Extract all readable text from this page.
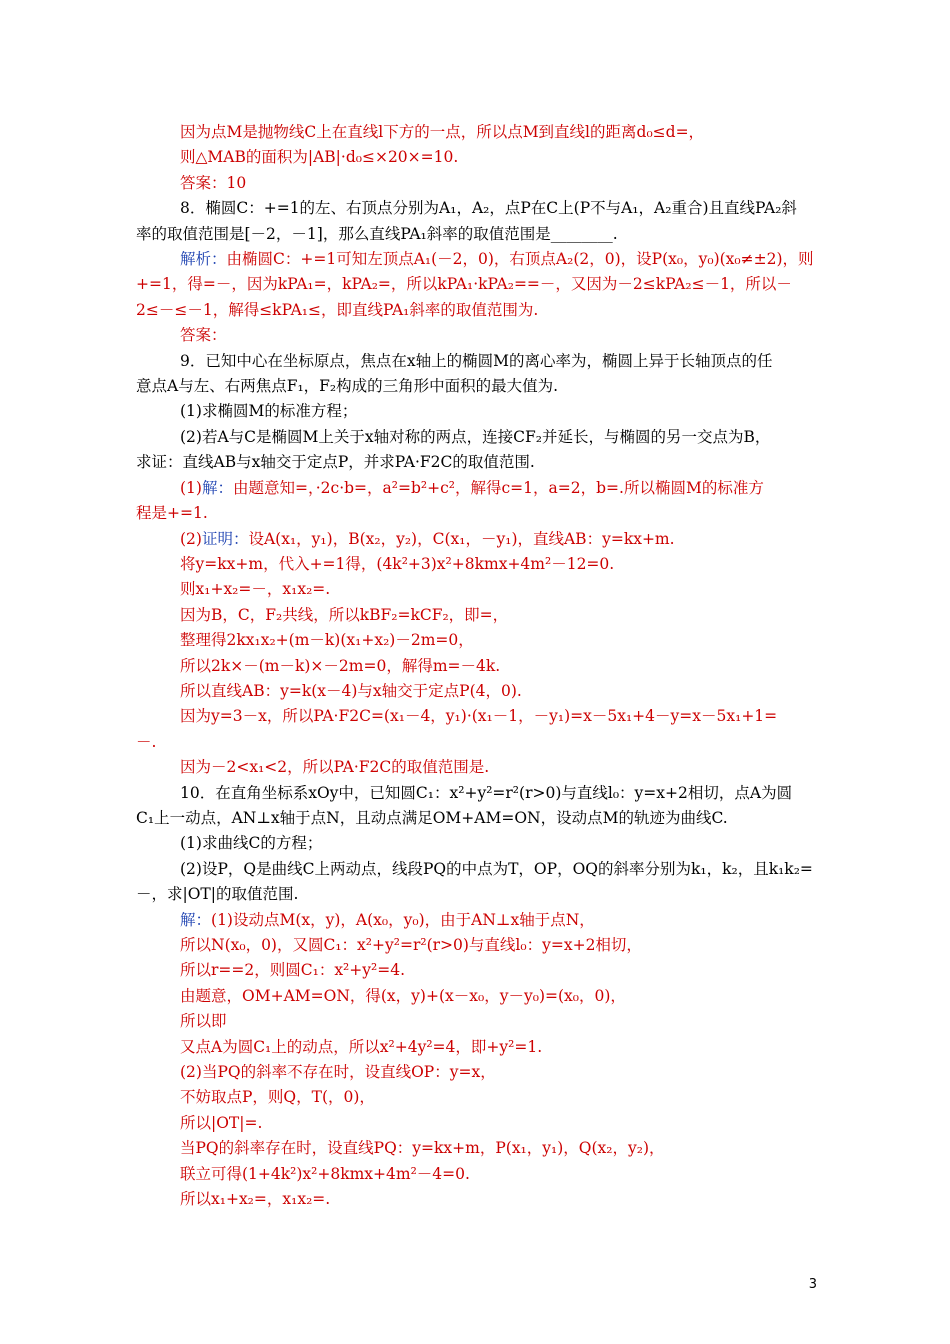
因为点M是抛物线C上在直线l下方的一点，所以点M到直线l的距离d₀≤d=，
则△MAB的面积为|AB|·d₀≤×20×=10.
答案：10
8．椭圆C：+=1的左、右顶点分别为A₁，A₂，点P在C上(P不与A₁，A₂重合)且直线PA₂斜
率的取值范围是[－2，－1]，那么直线PA₁斜率的取值范围是________.
解析：由椭圆C：+=1可知左顶点A₁(－2，0)，右顶点A₂(2，0)，设P(x₀，y₀)(x₀≠±2)，则
+=1，得=－，因为kPA₁=，kPA₂=，所以kPA₁·kPA₂==－，又因为－2≤kPA₂≤－1，所以－
2≤－≤－1，解得≤kPA₁≤，即直线PA₁斜率的取值范围为.
答案：
9．已知中心在坐标原点，焦点在x轴上的椭圆M的离心率为，椭圆上异于长轴顶点的任
意点A与左、右两焦点F₁，F₂构成的三角形中面积的最大值为.
(1)求椭圆M的标准方程；
(2)若A与C是椭圆M上关于x轴对称的两点，连接CF₂并延长，与椭圆的另一交点为B，
求证：直线AB与x轴交于定点P，并求PA·F2C的取值范围.
(1)解：由题意知=，·2c·b=，a²=b²+c²，解得c=1，a=2，b=.所以椭圆M的标准方
程是+=1.
(2)证明：设A(x₁，y₁)，B(x₂，y₂)，C(x₁，－y₁)，直线AB：y=kx+m.
将y=kx+m，代入+=1得，(4k²+3)x²+8kmx+4m²－12=0.
则x₁+x₂=－，x₁x₂=.
因为B，C，F₂共线，所以kBF₂=kCF₂，即=，
整理得2kx₁x₂+(m－k)(x₁+x₂)－2m=0，
所以2k×－(m－k)×－2m=0，解得m=－4k.
所以直线AB：y=k(x－4)与x轴交于定点P(4，0).
因为y=3－x，所以PA·F2C=(x₁－4，y₁)·(x₁－1，－y₁)=x－5x₁+4－y=x－5x₁+1=
－.
因为－2<x₁<2，所以PA·F2C的取值范围是.
10．在直角坐标系xOy中，已知圆C₁：x²+y²=r²(r>0)与直线l₀：y=x+2相切，点A为圆
C₁上一动点，AN⊥x轴于点N，且动点满足OM+AM=ON，设动点M的轨迹为曲线C.
(1)求曲线C的方程；
(2)设P，Q是曲线C上两动点，线段PQ的中点为T，OP，OQ的斜率分别为k₁，k₂，且k₁k₂=
－，求|OT|的取值范围.
解：(1)设动点M(x，y)，A(x₀，y₀)，由于AN⊥x轴于点N，
所以N(x₀，0)，又圆C₁：x²+y²=r²(r>0)与直线l₀：y=x+2相切，
所以r==2，则圆C₁：x²+y²=4.
由题意，OM+AM=ON，得(x，y)+(x－x₀，y－y₀)=(x₀，0)，
所以即
又点A为圆C₁上的动点，所以x²+4y²=4，即+y²=1.
(2)当PQ的斜率不存在时，设直线OP：y=x，
不妨取点P，则Q，T(，0)，
所以|OT|=.
当PQ的斜率存在时，设直线PQ：y=kx+m，P(x₁，y₁)，Q(x₂，y₂)，
联立可得(1+4k²)x²+8kmx+4m²－4=0.
所以x₁+x₂=，x₁x₂=.
3
